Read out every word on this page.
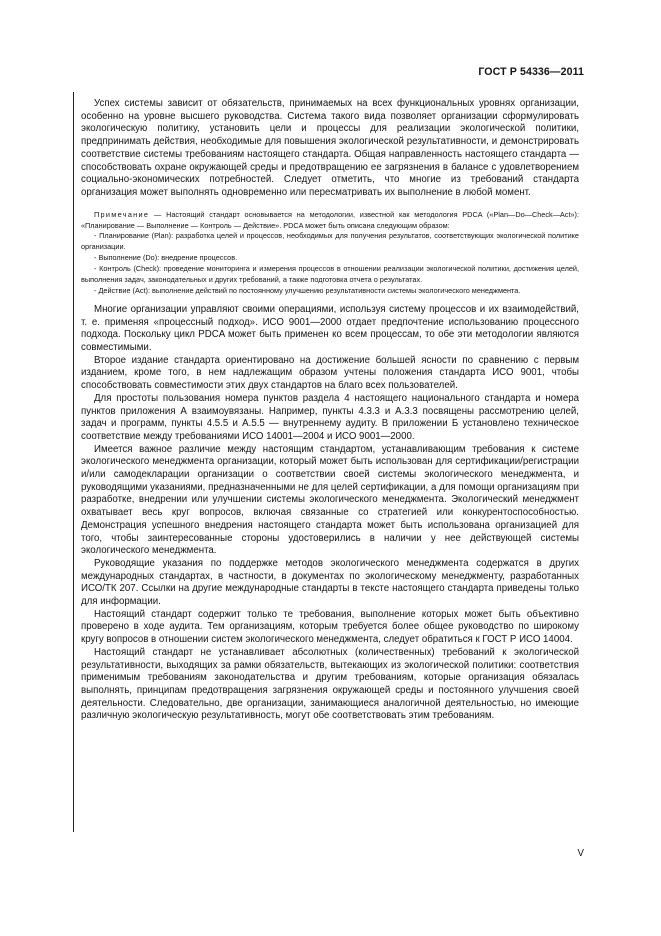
ГОСТ Р 54336—2011

Успех системы зависит от обязательств, принимаемых на всех функциональных уровнях организации, особенно на уровне высшего руководства. Система такого вида позволяет организации сформулировать экологическую политику, установить цели и процессы для реализации экологической политики, предпринимать действия, необходимые для повышения экологической результативности, и демонстрировать соответствие системы требованиям настоящего стандарта. Общая направленность настоящего стандарта — способствовать охране окружающей среды и предотвращению ее загрязнения в балансе с удовлетворением социально-экономических потребностей. Следует отметить, что многие из требований стандарта организация может выполнять одновременно или пересматривать их выполнение в любой момент.

Примечание — Настоящий стандарт основывается на методологии, известной как методология PDCA («Plan—Do—Check—Act»): «Планирование — Выполнение — Контроль — Действие». PDCA может быть описана следующим образом:
- Планирование (Plan): разработка целей и процессов, необходимых для получения результатов, соответствующих экологической политике организации.
- Выполнение (Do): внедрение процессов.
- Контроль (Check): проведение мониторинга и измерения процессов в отношении реализации экологической политики, достижения целей, выполнения задач, законодательных и других требований, а также подготовка отчета о результатах.
- Действие (Act): выполнение действий по постоянному улучшению результативности системы экологического менеджмента.

Многие организации управляют своими операциями, используя систему процессов и их взаимодействий, т. е. применяя «процессный подход». ИСО 9001—2000 отдает предпочтение использованию процессного подхода. Поскольку цикл PDCA может быть применен ко всем процессам, то обе эти методологии являются совместимыми.

Второе издание стандарта ориентировано на достижение большей ясности по сравнению с первым изданием, кроме того, в нем надлежащим образом учтены положения стандарта ИСО 9001, чтобы способствовать совместимости этих двух стандартов на благо всех пользователей.

Для простоты пользования номера пунктов раздела 4 настоящего национального стандарта и номера пунктов приложения А взаимоувязаны. Например, пункты 4.3.3 и А.3.3 посвящены рассмотрению целей, задач и программ, пункты 4.5.5 и А.5.5 — внутреннему аудиту. В приложении Б установлено техническое соответствие между требованиями ИСО 14001—2004 и ИСО 9001—2000.

Имеется важное различие между настоящим стандартом, устанавливающим требования к системе экологического менеджмента организации, который может быть использован для сертификации/регистрации и/или самодекларации организации о соответствии своей системы экологического менеджмента, и руководящими указаниями, предназначенными не для целей сертификации, а для помощи организациям при разработке, внедрении или улучшении системы экологического менеджмента. Экологический менеджмент охватывает весь круг вопросов, включая связанные со стратегией или конкурентоспособностью. Демонстрация успешного внедрения настоящего стандарта может быть использована организацией для того, чтобы заинтересованные стороны удостоверились в наличии у нее действующей системы экологического менеджмента.

Руководящие указания по поддержке методов экологического менеджмента содержатся в других международных стандартах, в частности, в документах по экологическому менеджменту, разработанных ИСО/ТК 207. Ссылки на другие международные стандарты в тексте настоящего стандарта приведены только для информации.

Настоящий стандарт содержит только те требования, выполнение которых может быть объективно проверено в ходе аудита. Тем организациям, которым требуется более общее руководство по широкому кругу вопросов в отношении систем экологического менеджмента, следует обратиться к ГОСТ Р ИСО 14004.

Настоящий стандарт не устанавливает абсолютных (количественных) требований к экологической результативности, выходящих за рамки обязательств, вытекающих из экологической политики: соответствия применимым требованиям законодательства и другим требованиям, которые организация обязалась выполнять, принципам предотвращения загрязнения окружающей среды и постоянного улучшения своей деятельности. Следовательно, две организации, занимающиеся аналогичной деятельностью, но имеющие различную экологическую результативность, могут обе соответствовать этим требованиям.

V
